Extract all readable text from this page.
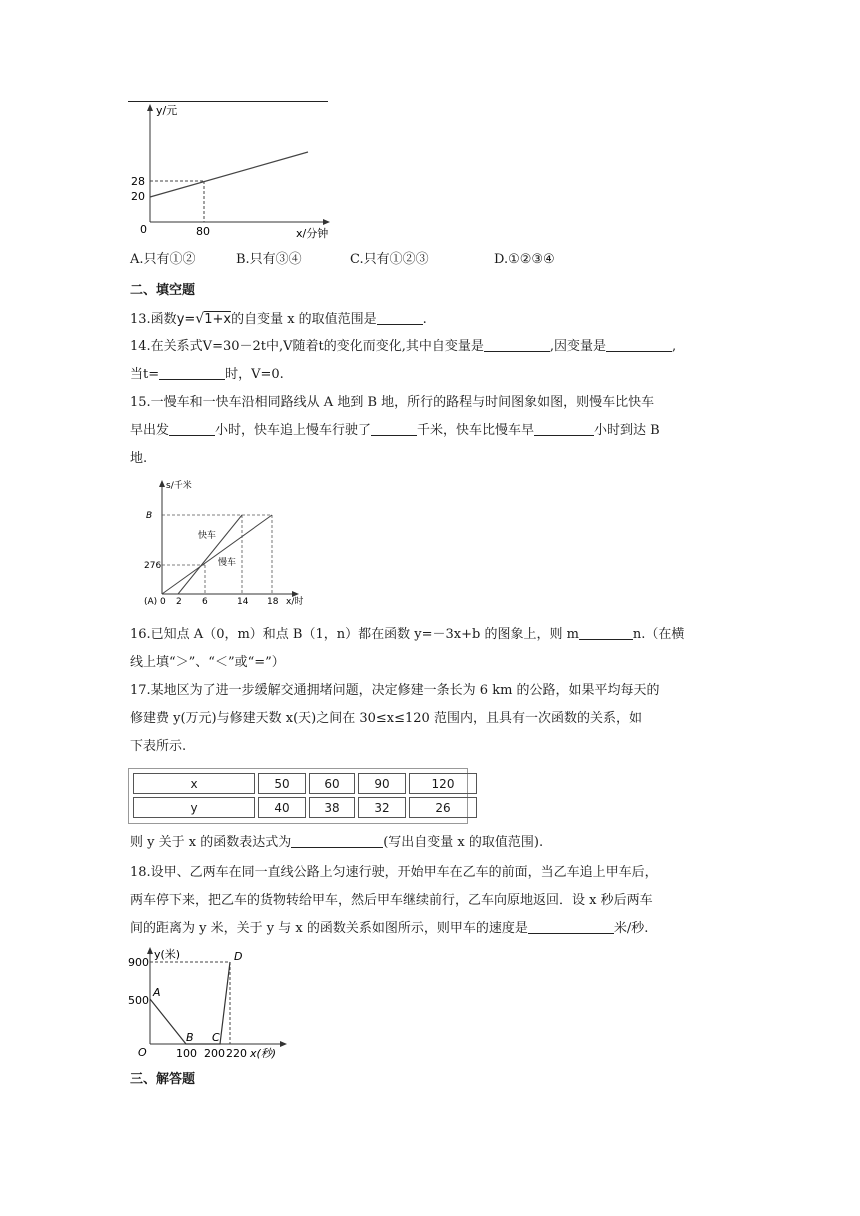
y/元
x/分钟
28
20
0	80
A.只有①②	B.只有③④	C.只有①②③	D.①②③④
二、填空题
13.函数y=√1+x的自变量 x 的取值范围是	.
14.在关系式V=30－2t中,V随着t的变化而变化,其中自变量是	,因变量是	,
当t=	时，V=0.
15.一慢车和一快车沿相同路线从 A 地到 B 地，所行的路程与时间图象如图，则慢车比快车
早出发	小时，快车追上慢车行驶了	千米，快车比慢车早	小时到达 B
地.
s/千米
B
276
快车
慢车
(A) 0 2 6	14 18 x/时
16.已知点 A（0，m）和点 B（1，n）都在函数 y=－3x+b 的图象上，则 m	n.（在横
线上填“＞”、“＜”或“=”）
17.某地区为了进一步缓解交通拥堵问题，决定修建一条长为 6 km 的公路，如果平均每天的
修建费 y(万元)与修建天数 x(天)之间在 30≤x≤120 范围内，且具有一次函数的关系，如
下表所示.
x	50	60	90	120
y	40	38	32	26
则 y 关于 x 的函数表达式为	(写出自变量 x 的取值范围).
18.设甲、乙两车在同一直线公路上匀速行驶，开始甲车在乙车的前面，当乙车追上甲车后，
两车停下来，把乙车的货物转给甲车，然后甲车继续前行，乙车向原地返回．设 x 秒后两车
间的距离为 y 米，关于 y 与 x 的函数关系如图所示，则甲车的速度是	米/秒.
y(米)
900
500
A
B C
D
O	100 200 220 x(秒)
三、解答题
